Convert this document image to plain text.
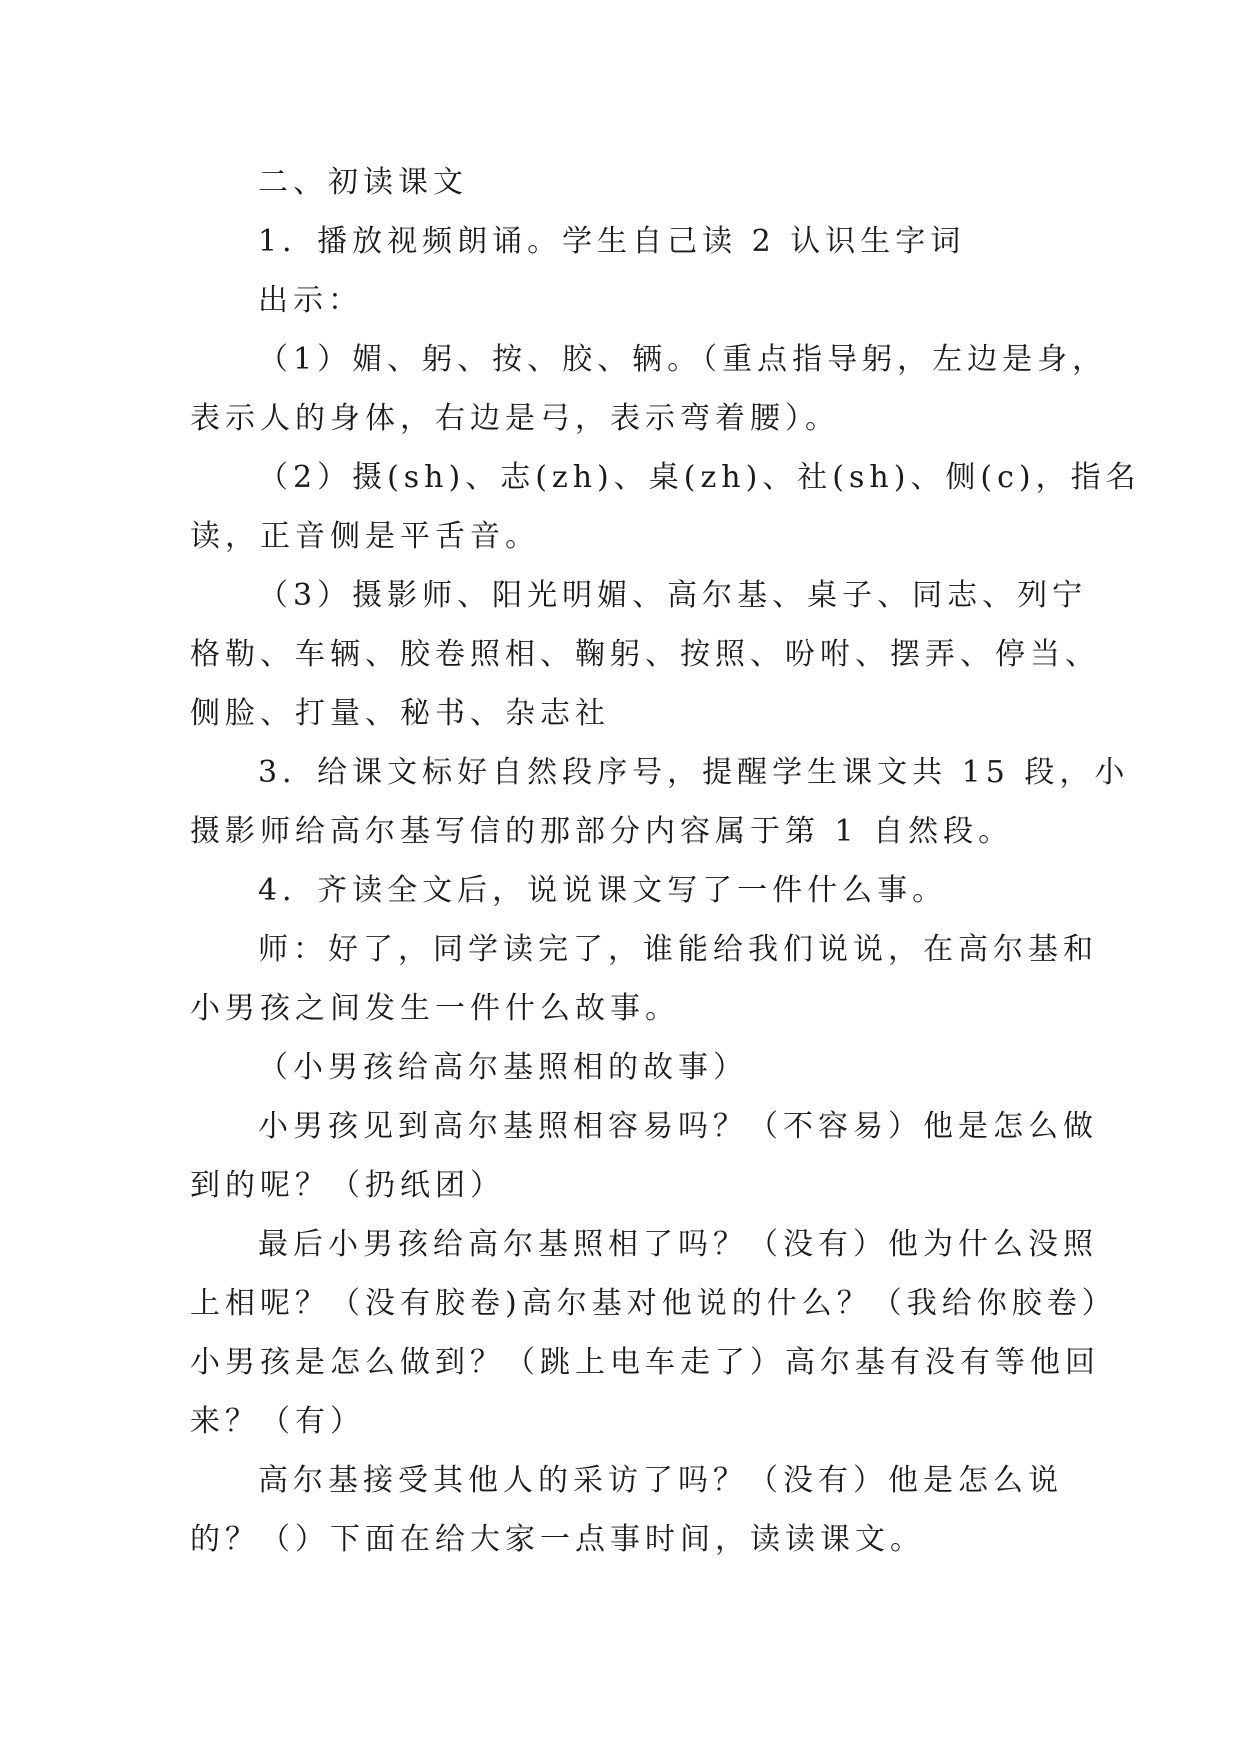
二、初读课文
1．播放视频朗诵。学生自己读 2 认识生字词
出示：
（1）媚、躬、按、胶、辆。（重点指导躬，左边是身，
表示人的身体，右边是弓，表示弯着腰）。
（2）摄(sh)、志(zh)、桌(zh)、社(sh)、侧(c)，指名
读，正音侧是平舌音。
（3）摄影师、阳光明媚、高尔基、桌子、同志、列宁
格勒、车辆、胶卷照相、鞠躬、按照、吩咐、摆弄、停当、
侧脸、打量、秘书、杂志社
3．给课文标好自然段序号，提醒学生课文共 15 段，小
摄影师给高尔基写信的那部分内容属于第 1 自然段。
4．齐读全文后，说说课文写了一件什么事。
师：好了，同学读完了，谁能给我们说说，在高尔基和
小男孩之间发生一件什么故事。
（小男孩给高尔基照相的故事）
小男孩见到高尔基照相容易吗？（不容易）他是怎么做
到的呢？（扔纸团）
最后小男孩给高尔基照相了吗？（没有）他为什么没照
上相呢？（没有胶卷)高尔基对他说的什么？（我给你胶卷）
小男孩是怎么做到？（跳上电车走了）高尔基有没有等他回
来？（有）
高尔基接受其他人的采访了吗？（没有）他是怎么说
的？（）下面在给大家一点事时间，读读课文。
